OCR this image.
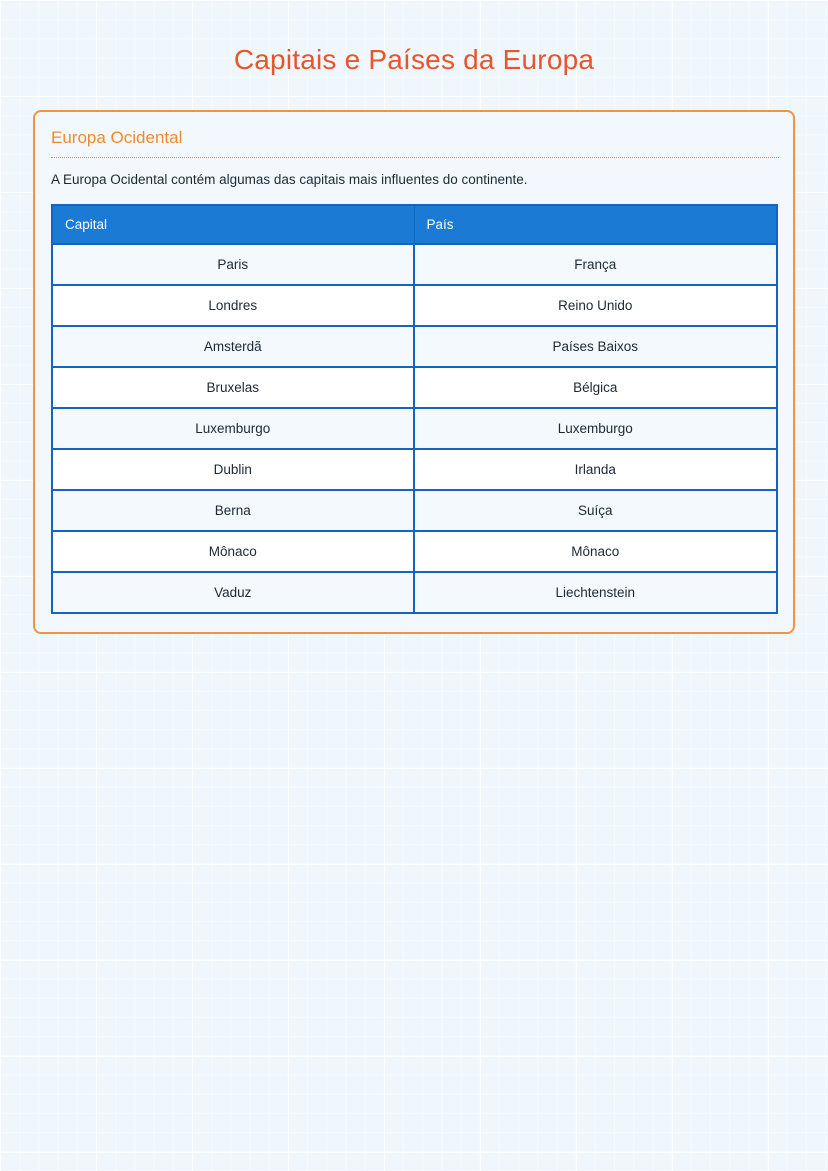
Capitais e Países da Europa
Europa Ocidental

A Europa Ocidental contém algumas das capitais mais influentes do continente.

Capital	País
Paris	França
Londres	Reino Unido
Amsterdã	Países Baixos
Bruxelas	Bélgica
Luxemburgo	Luxemburgo
Dublin	Irlanda
Berna	Suíça
Mônaco	Mônaco
Vaduz	Liechtenstein
